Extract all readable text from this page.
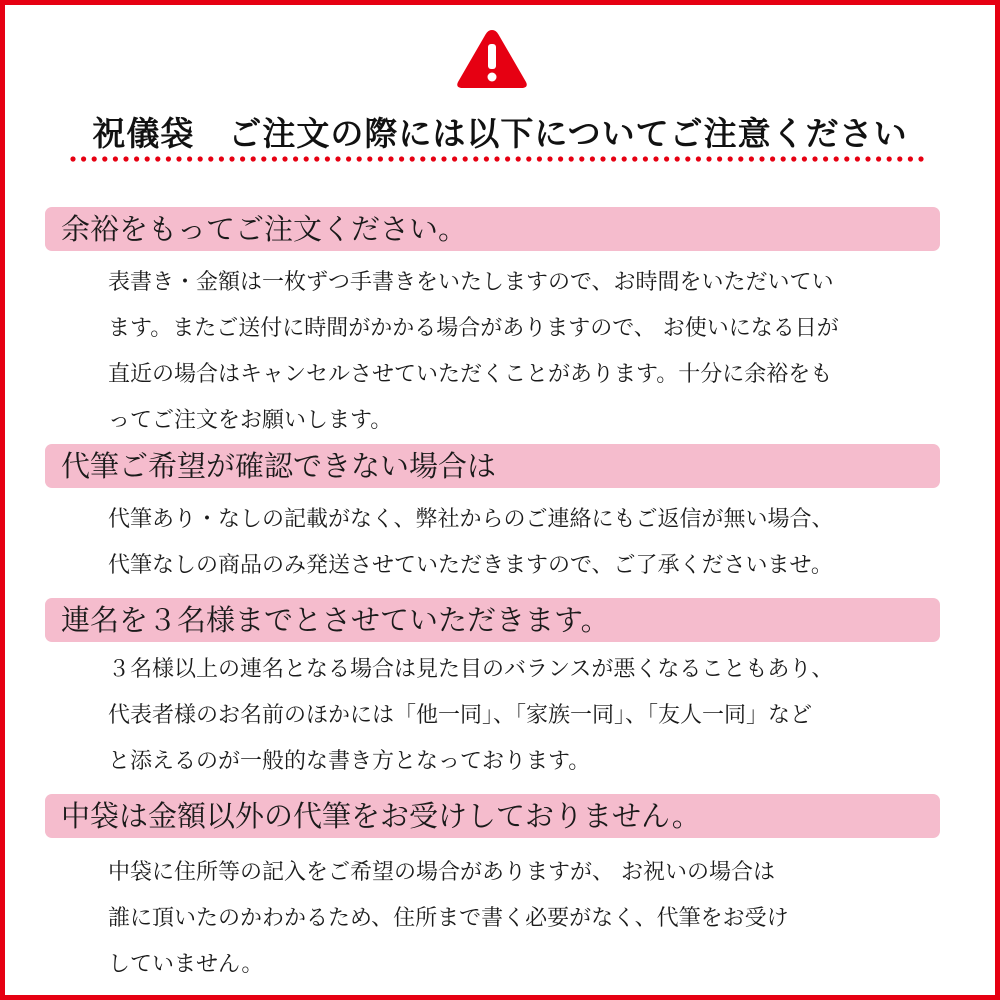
祝儀袋　ご注文の際には以下についてご注意ください
余裕をもってご注文ください。
表書き・金額は一枚ずつ手書きをいたしますので、お時間をいただいてい
ます。またご送付に時間がかかる場合がありますので、 お使いになる日が
直近の場合はキャンセルさせていただくことがあります。十分に余裕をも
ってご注文をお願いします。
代筆ご希望が確認できない場合は
代筆あり・なしの記載がなく、弊社からのご連絡にもご返信が無い場合、
代筆なしの商品のみ発送させていただきますので、ご了承くださいませ。
連名を３名様までとさせていただきます。
３名様以上の連名となる場合は見た目のバランスが悪くなることもあり、
代表者様のお名前のほかには「他一同」、「家族一同」、「友人一同」など
と添えるのが一般的な書き方となっております。
中袋は金額以外の代筆をお受けしておりません。
中袋に住所等の記入をご希望の場合がありますが、 お祝いの場合は
誰に頂いたのかわかるため、住所まで書く必要がなく、代筆をお受け
していません。
